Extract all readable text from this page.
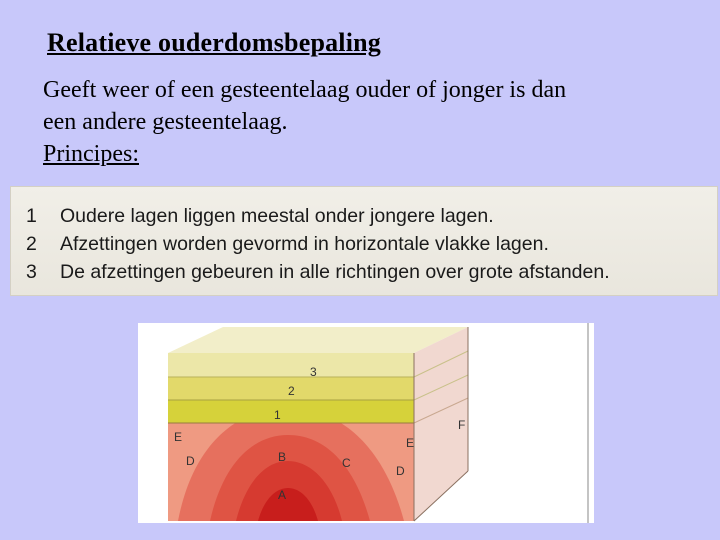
Relatieve ouderdomsbepaling
Geeft weer of een gesteentelaag ouder of jonger is dan
een andere gesteentelaag.
Principes:
1 Oudere lagen liggen meestal onder jongere lagen.
2 Afzettingen worden gevormd in horizontale vlakke lagen.
3 De afzettingen gebeuren in alle richtingen over grote afstanden.
3
2
1
E
D	B	C
E
D
F
A
